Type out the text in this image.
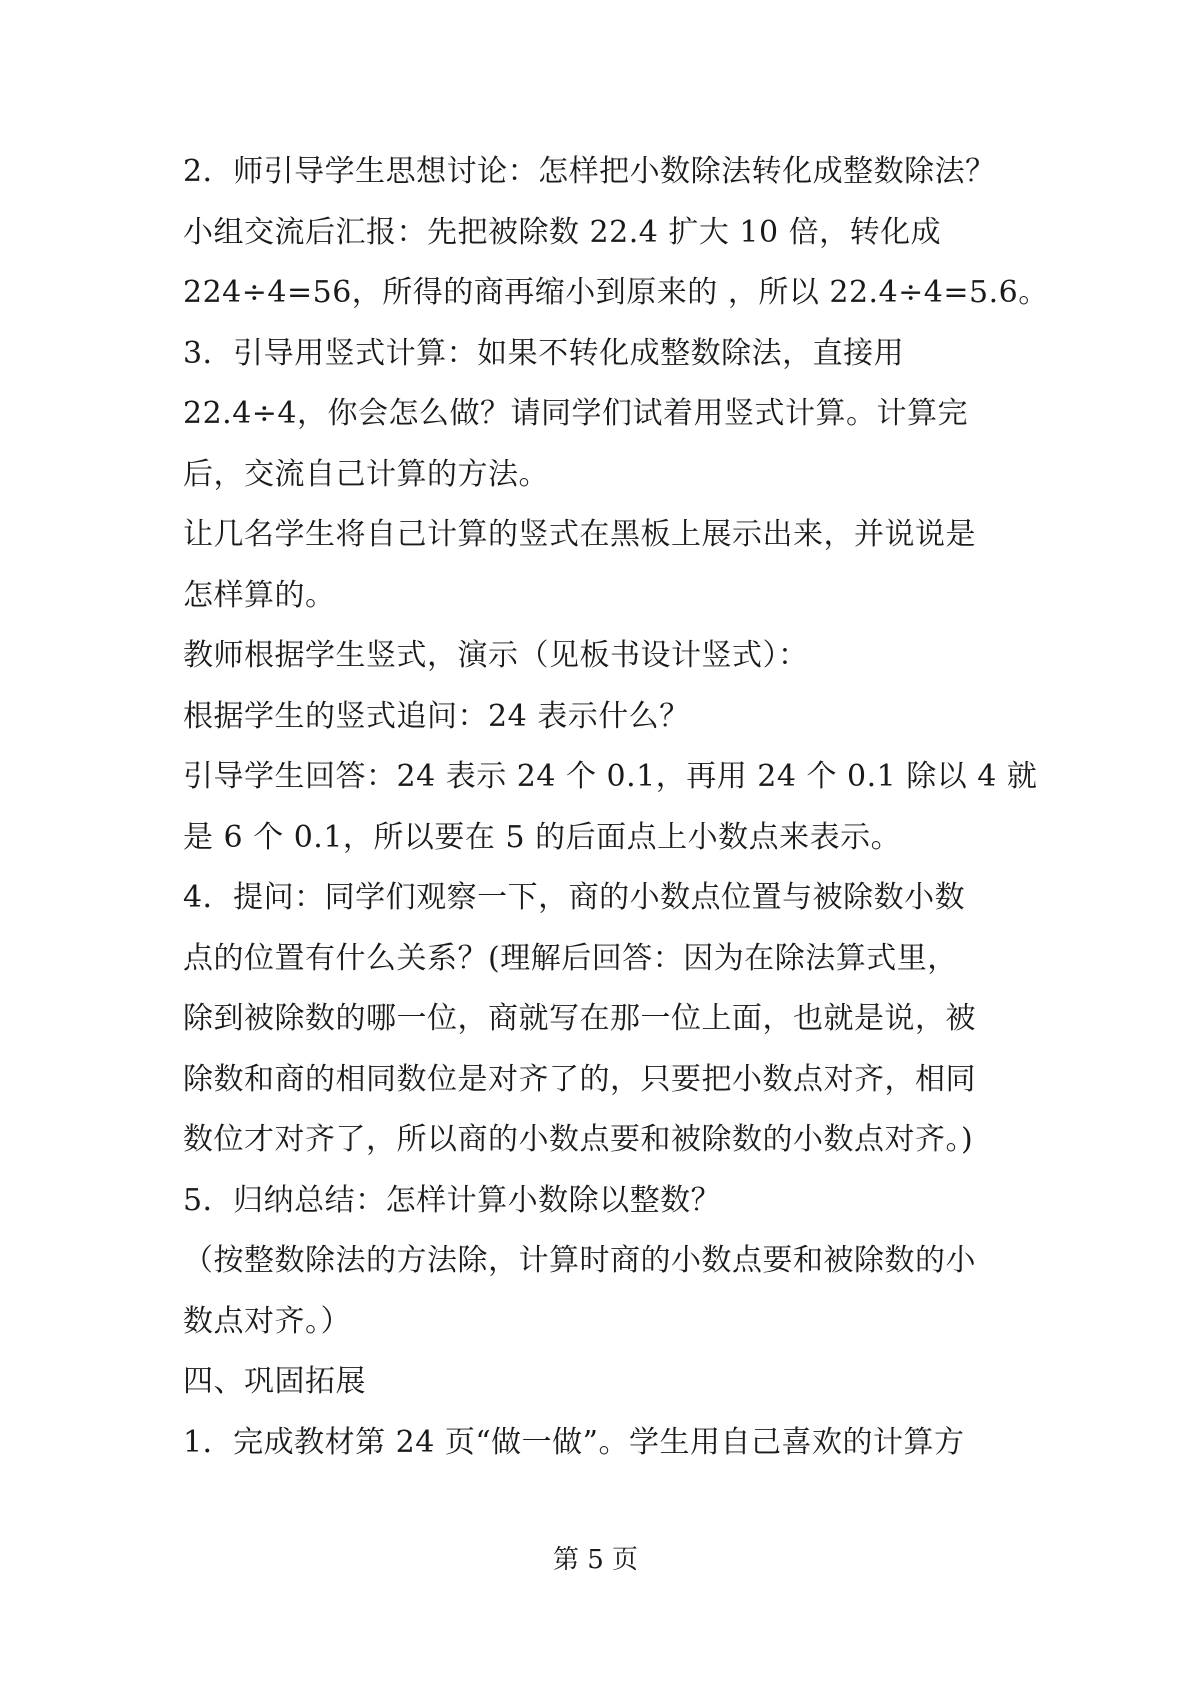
2．师引导学生思想讨论：怎样把小数除法转化成整数除法？
小组交流后汇报：先把被除数 22.4 扩大 10 倍，转化成
224÷4=56，所得的商再缩小到原来的 ，所以 22.4÷4=5.6。
3．引导用竖式计算：如果不转化成整数除法，直接用
22.4÷4，你会怎么做？请同学们试着用竖式计算。计算完
后，交流自己计算的方法。
让几名学生将自己计算的竖式在黑板上展示出来，并说说是
怎样算的。
教师根据学生竖式，演示（见板书设计竖式）：
根据学生的竖式追问：24 表示什么？
引导学生回答：24 表示 24 个 0.1，再用 24 个 0.1 除以 4 就
是 6 个 0.1，所以要在 5 的后面点上小数点来表示。
4．提问：同学们观察一下，商的小数点位置与被除数小数
点的位置有什么关系？(理解后回答：因为在除法算式里，
除到被除数的哪一位，商就写在那一位上面，也就是说，被
除数和商的相同数位是对齐了的，只要把小数点对齐，相同
数位才对齐了，所以商的小数点要和被除数的小数点对齐。)
5．归纳总结：怎样计算小数除以整数？
（按整数除法的方法除，计算时商的小数点要和被除数的小
数点对齐。）
四、巩固拓展
1．完成教材第 24 页“做一做”。学生用自己喜欢的计算方
第 5 页
